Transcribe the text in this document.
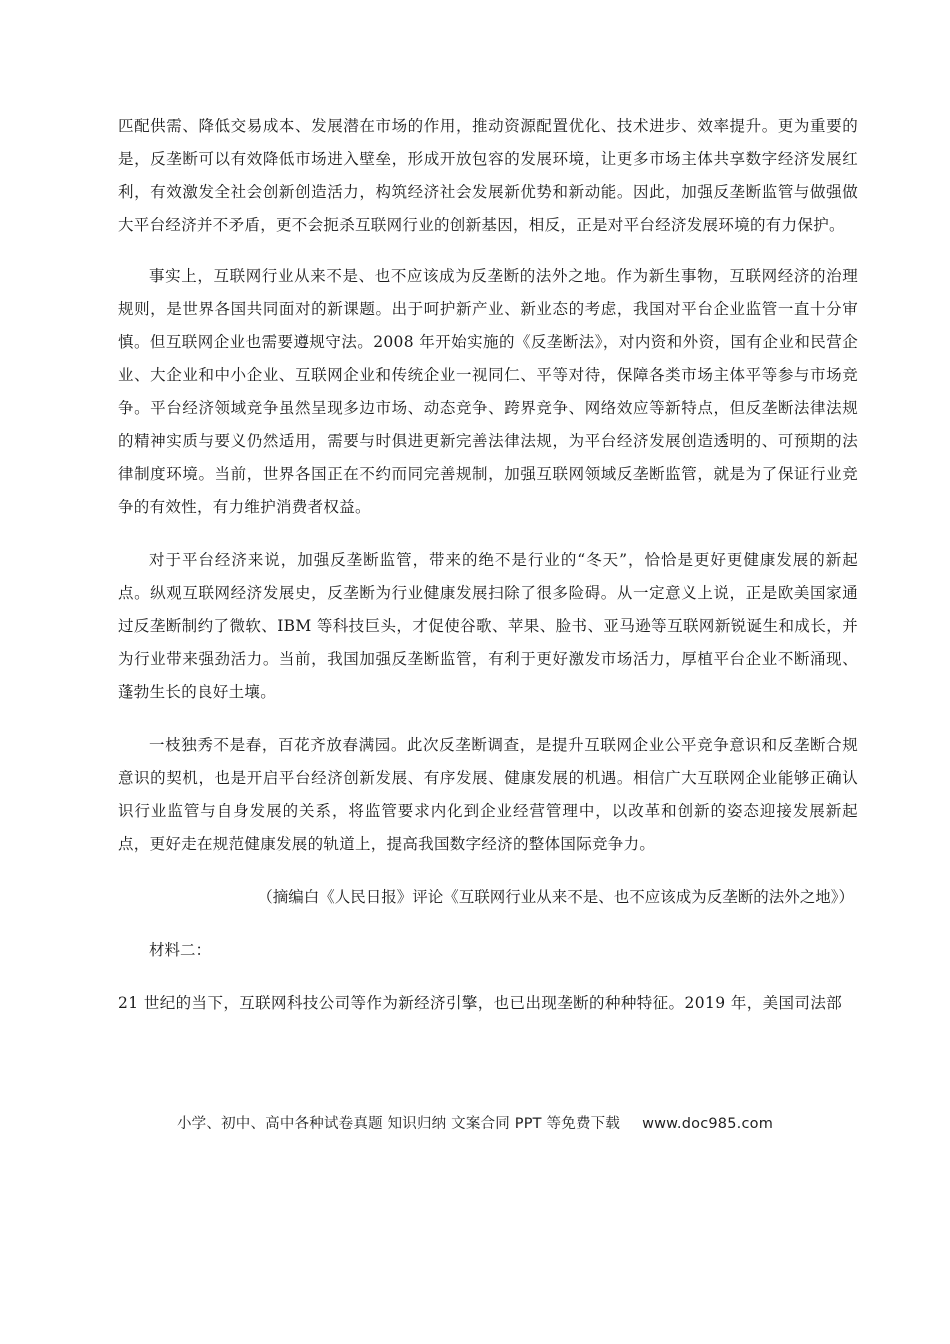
匹配供需、降低交易成本、发展潜在市场的作用，推动资源配置优化、技术进步、效率提升。更为重要的是，反垄断可以有效降低市场进入壁垒，形成开放包容的发展环境，让更多市场主体共享数字经济发展红利，有效激发全社会创新创造活力，构筑经济社会发展新优势和新动能。因此，加强反垄断监管与做强做大平台经济并不矛盾，更不会扼杀互联网行业的创新基因，相反，正是对平台经济发展环境的有力保护。

事实上，互联网行业从来不是、也不应该成为反垄断的法外之地。作为新生事物，互联网经济的治理规则，是世界各国共同面对的新课题。出于呵护新产业、新业态的考虑，我国对平台企业监管一直十分审慎。但互联网企业也需要遵规守法。2008 年开始实施的《反垄断法》，对内资和外资，国有企业和民营企业、大企业和中小企业、互联网企业和传统企业一视同仁、平等对待，保障各类市场主体平等参与市场竞争。平台经济领域竞争虽然呈现多边市场、动态竞争、跨界竞争、网络效应等新特点，但反垄断法律法规的精神实质与要义仍然适用，需要与时俱进更新完善法律法规，为平台经济发展创造透明的、可预期的法律制度环境。当前，世界各国正在不约而同完善规制，加强互联网领域反垄断监管，就是为了保证行业竞争的有效性，有力维护消费者权益。

对于平台经济来说，加强反垄断监管，带来的绝不是行业的“冬天”，恰恰是更好更健康发展的新起点。纵观互联网经济发展史，反垄断为行业健康发展扫除了很多险碍。从一定意义上说，正是欧美国家通过反垄断制约了微软、IBM 等科技巨头，才促使谷歌、苹果、脸书、亚马逊等互联网新锐诞生和成长，并为行业带来强劲活力。当前，我国加强反垄断监管，有利于更好激发市场活力，厚植平台企业不断涌现、蓬勃生长的良好土壤。

一枝独秀不是春，百花齐放春满园。此次反垄断调查，是提升互联网企业公平竞争意识和反垄断合规意识的契机，也是开启平台经济创新发展、有序发展、健康发展的机遇。相信广大互联网企业能够正确认识行业监管与自身发展的关系，将监管要求内化到企业经营管理中，以改革和创新的姿态迎接发展新起点，更好走在规范健康发展的轨道上，提高我国数字经济的整体国际竞争力。

（摘编白《人民日报》评论《互联网行业从来不是、也不应该成为反垄断的法外之地》）

材料二：

21 世纪的当下，互联网科技公司等作为新经济引擎，也已出现垄断的种种特征。2019 年，美国司法部

小学、初中、高中各种试卷真题 知识归纳 文案合同 PPT 等免费下载 www.doc985.com
